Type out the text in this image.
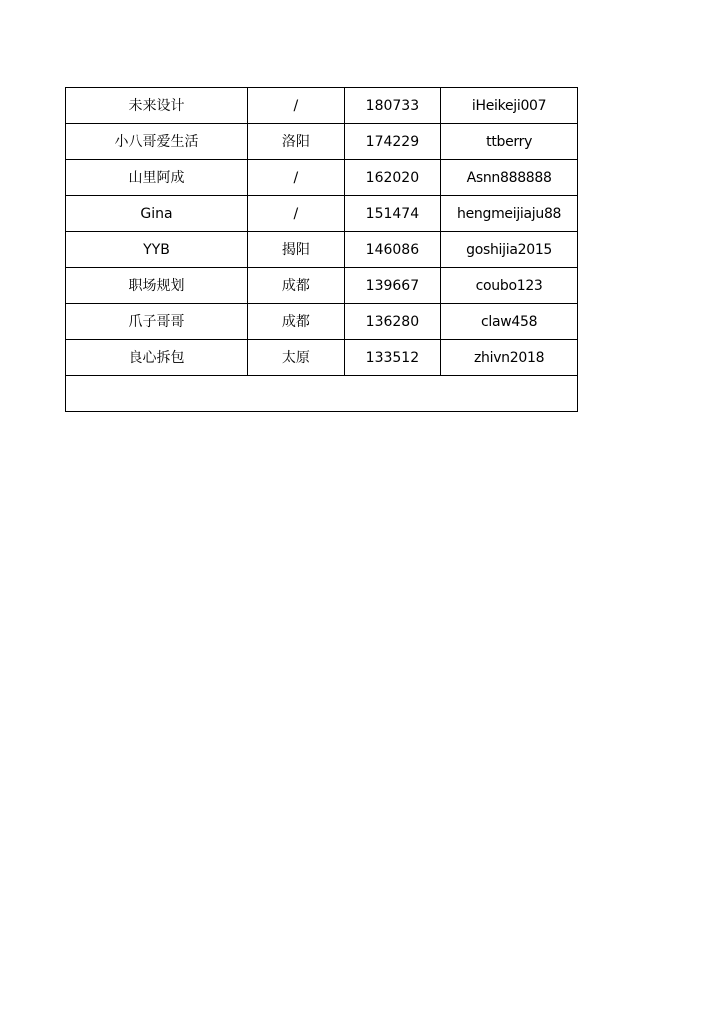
未来设计	/	180733	iHeikeji007
小八哥爱生活	洛阳	174229	ttberry
山里阿成	/	162020	Asnn888888
Gina	/	151474	hengmeijiaju88
YYB	揭阳	146086	goshijia2015
职场规划	成都	139667	coubo123
爪子哥哥	成都	136280	claw458
良心拆包	太原	133512	zhivn2018
